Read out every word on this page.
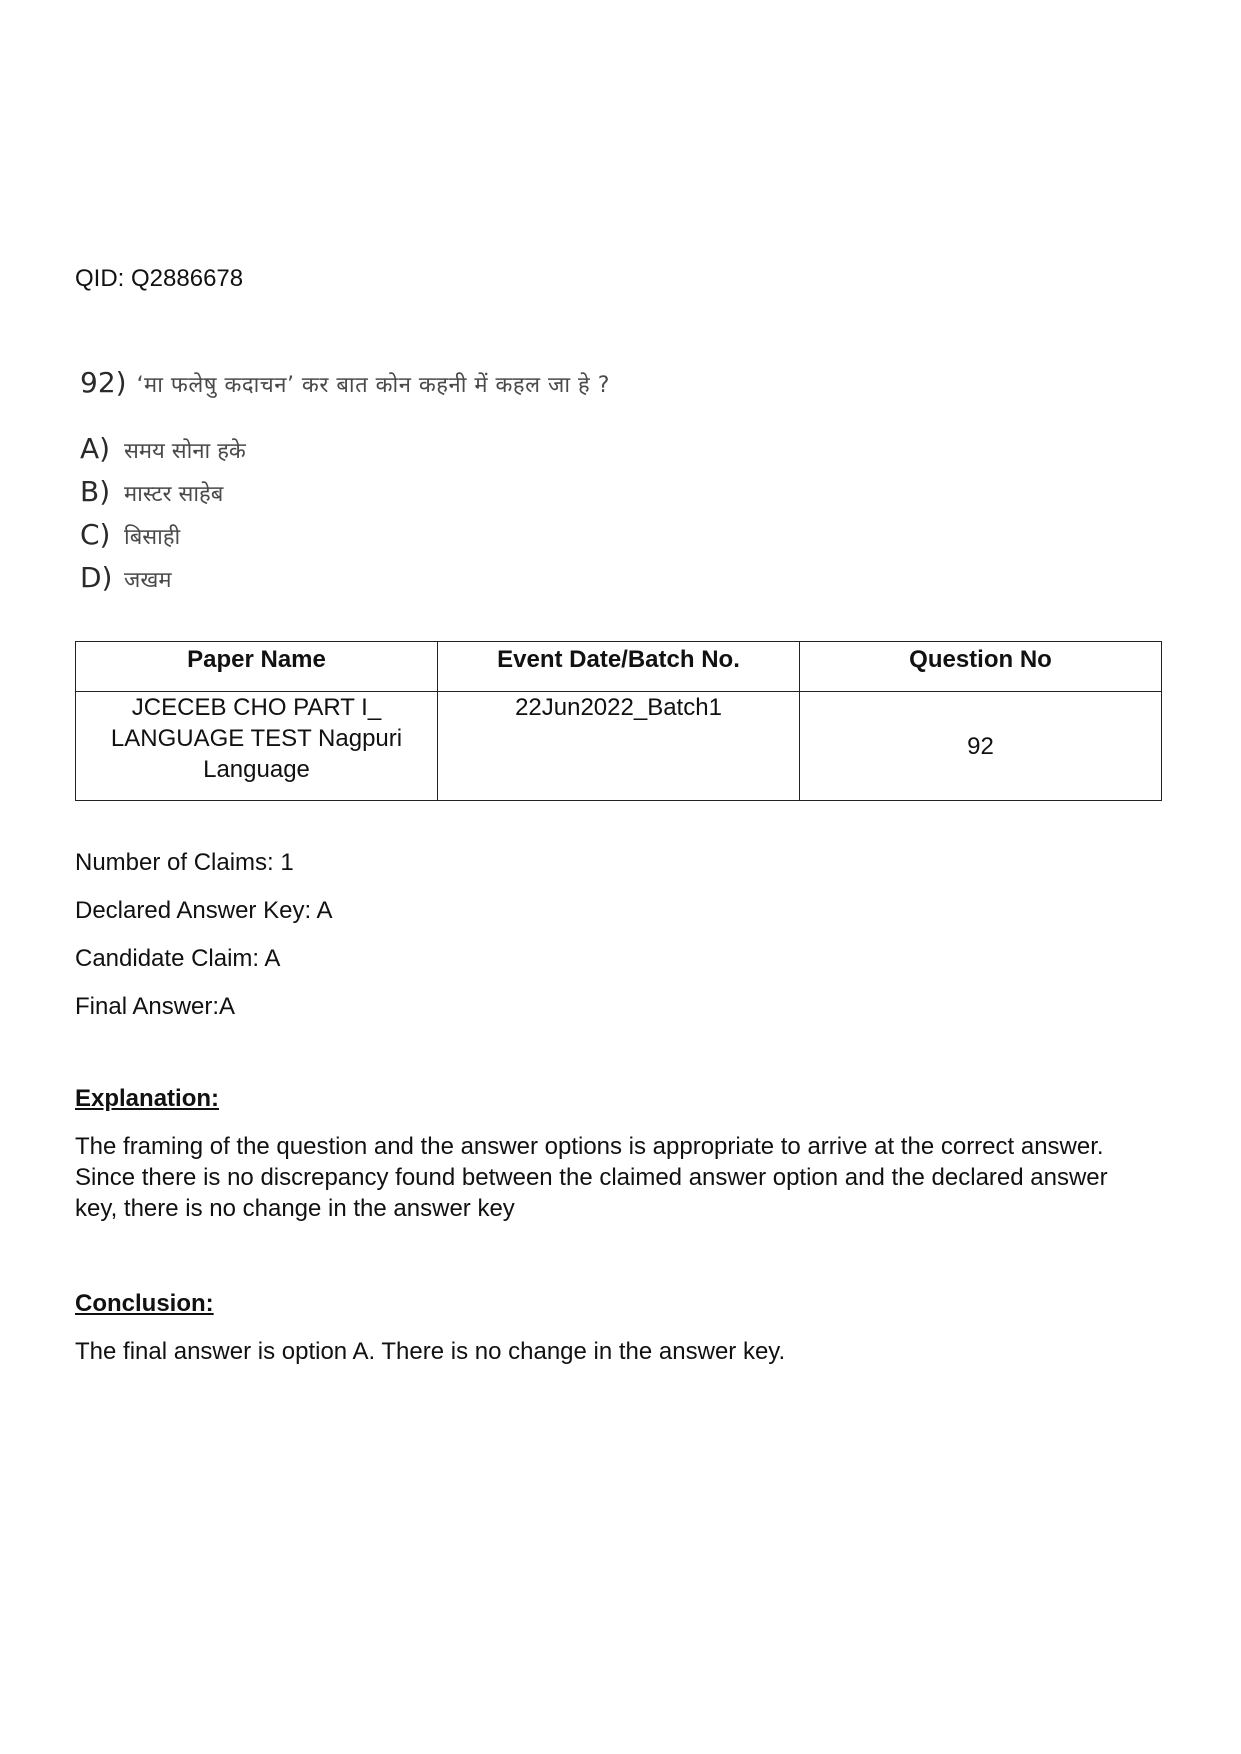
QID: Q2886678
92) ‘मा फलेषु कदाचन’ कर बात कोन कहनी में कहल जा हे ?
A) समय सोना हके
B) मास्टर साहेब
C) बिसाही
D) जखम
Paper Name	Event Date/Batch No.	Question No

JCECEB CHO PART I_
LANGUAGE TEST Nagpuri
Language	22Jun2022_Batch1	92
Number of Claims: 1
Declared Answer Key: A
Candidate Claim: A
Final Answer:A
Explanation:
The framing of the question and the answer options is appropriate to arrive at the correct answer.
Since there is no discrepancy found between the claimed answer option and the declared answer
key, there is no change in the answer key
Conclusion:
The final answer is option A. There is no change in the answer key.
